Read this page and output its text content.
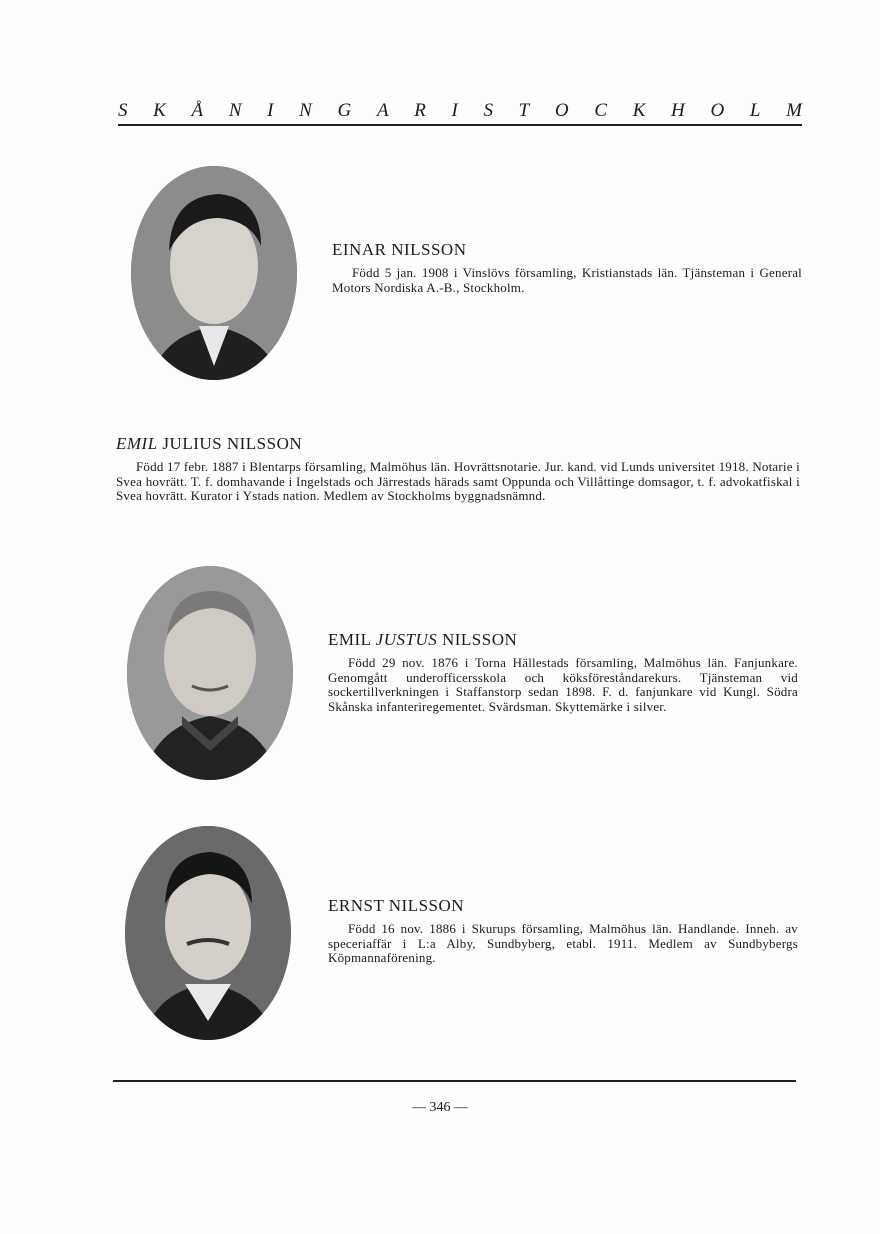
S K Å N I N G A R I S T O C K H O L M
EINAR NILSSON

Född 5 jan. 1908 i Vinslövs församling, Kristianstads län. Tjänsteman i General Motors Nordiska A.-B., Stockholm.

EMIL JULIUS NILSSON

Född 17 febr. 1887 i Blentarps församling, Malmöhus län. Hovrättsnotarie. Jur. kand. vid Lunds universitet 1918. Notarie i Svea hovrätt. T. f. domhavande i Ingelstads och Järrestads härads samt Oppunda och Villåttinge domsagor, t. f. advokatfiskal i Svea hovrätt. Kurator i Ystads nation. Medlem av Stockholms byggnadsnämnd.

EMIL JUSTUS NILSSON

Född 29 nov. 1876 i Torna Hällestads församling, Malmöhus län. Fanjunkare. Genomgått underofficersskola och köksföreståndarekurs. Tjänsteman vid sockertillverkningen i Staffanstorp sedan 1898. F. d. fanjunkare vid Kungl. Södra Skånska infanteriregementet. Svärdsman. Skyttemärke i silver.

ERNST NILSSON

Född 16 nov. 1886 i Skurups församling, Malmöhus län. Handlande. Inneh. av speceriaffär i L:a Alby, Sundbyberg, etabl. 1911. Medlem av Sundbybergs Köpmannaförening.

— 346 —
